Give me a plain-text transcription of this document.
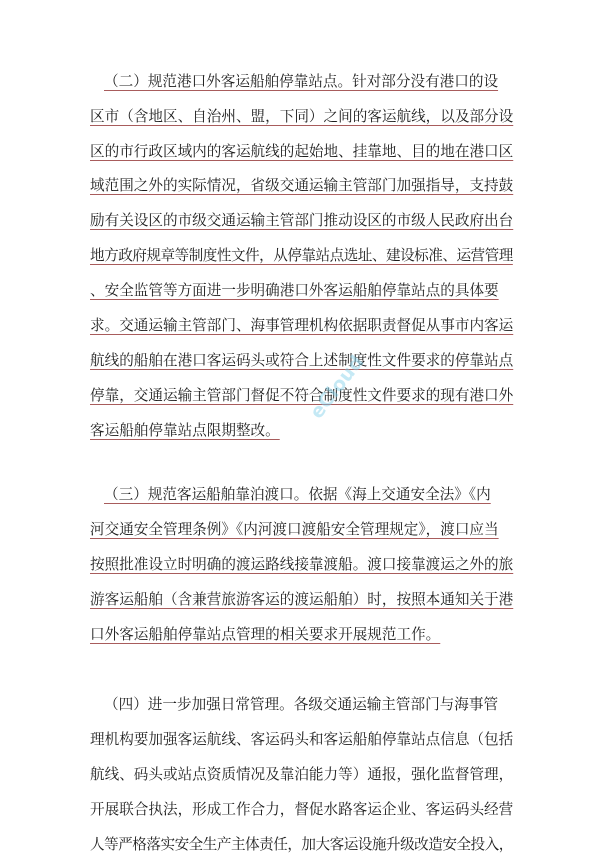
（二）规范港口外客运船舶停靠站点。针对部分没有港口的设
区市（含地区、自治州、盟，下同）之间的客运航线，以及部分设
区的市行政区域内的客运航线的起始地、挂靠地、目的地在港口区
域范围之外的实际情况，省级交通运输主管部门加强指导，支持鼓
励有关设区的市级交通运输主管部门推动设区的市级人民政府出台
地方政府规章等制度性文件，从停靠站点选址、建设标准、运营管理
、安全监管等方面进一步明确港口外客运船舶停靠站点的具体要
求。交通运输主管部门、海事管理机构依据职责督促从事市内客运
航线的船舶在港口客运码头或符合上述制度性文件要求的停靠站点
停靠，交通运输主管部门督促不符合制度性文件要求的现有港口外
客运船舶停靠站点限期整改。
（三）规范客运船舶靠泊渡口。依据《海上交通安全法》《内
河交通安全管理条例》《内河渡口渡船安全管理规定》，渡口应当
按照批准设立时明确的渡运路线接靠渡船。渡口接靠渡运之外的旅
游客运船舶（含兼营旅游客运的渡运船舶）时，按照本通知关于港
口外客运船舶停靠站点管理的相关要求开展规范工作。
（四）进一步加强日常管理。各级交通运输主管部门与海事管
理机构要加强客运航线、客运码头和客运船舶停靠站点信息（包括
航线、码头或站点资质情况及靠泊能力等）通报，强化监督管理，
开展联合执法，形成工作合力，督促水路客运企业、客运码头经营
人等严格落实安全生产主体责任，加大客运设施升级改造安全投入，
eCloud
